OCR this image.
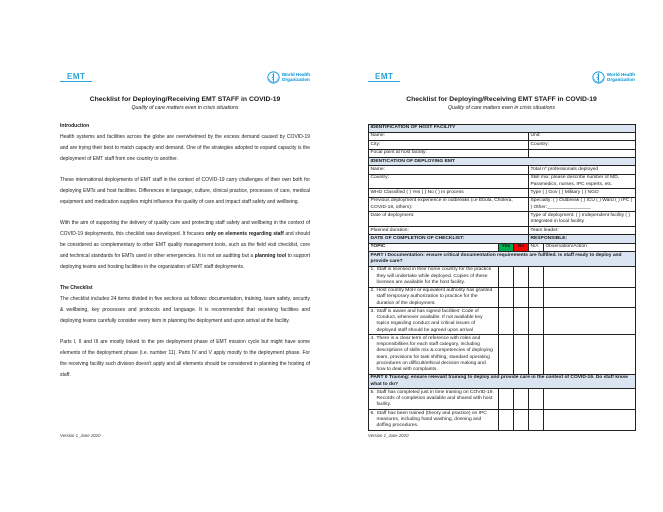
EMT	World Health
Organization
Checklist for Deploying/Receiving EMT STAFF in COVID-19
Quality of care matters even in crisis situations
Introduction

Health systems and facilities across the globe are overwhelmed by the excess demand caused by COVID-19 and are trying their best to match capacity and demand. One of the strategies adopted to expand capacity is the deployment of EMT staff from one country to another.

These international deployments of EMT staff in the context of COVID-19 carry challenges of their own both for deploying EMTs and host facilities. Differences in language, culture, clinical practice, processes of care, medical equipment and medication supplies might influence the quality of care and impact staff safety and wellbeing.

With the aim of supporting the delivery of quality care and protecting staff safety and wellbeing in the context of COVID-19 deployments, this checklist was developed. It focuses only on elements regarding staff and should be considered as complementary to other EMT quality management tools, such as the field visit checklist, core and technical standards for EMTs used in other emergencies. It is not an auditing but a planning tool to support deploying teams and hosting facilities in the organization of EMT staff deployments.

The Checklist

The checklist includes 24 items divided in five sections as follows: documentation, training, team safety, security & wellbeing, key processes and protocols and language. It is recommended that receiving facilities and deploying teams carefully consider every item in planning the deployment and upon arrival at the facility.

Parts I, II and III are mostly linked to the pre deployment phase of EMT mission cycle but might have some elements of the deployment phase (i.e. number 11). Parts IV and V apply mostly to the deployment phase. For the receiving facility such division doesn't apply and all elements should be considered in planning the hosting of staff.

Version 1_June 2020
EMT	World Health
Organization
Checklist for Deploying/Receiving EMT STAFF in COVID-19
Quality of care matters even in crisis situations
IDENTIFICATION OF HOST FACILITY				
Name:			Unit:	
City:			Country:	
Focal point at host facility:				
IDENTICATION OF DEPLOYING EMT				
Name:			Total nº professionals deployed	
Country:			Skill mix: please describe number of MD, Paramedics, nurses, IPC experts, etc.	
WHO Classified ( ) Yes ( ) No ( ) In process			Type ( ) Gov ( ) Military ( ) NGO	
Previous deployment experience in outbreaks (i.e Ebola, Cholera, COVID-19, others):			Specialty: ( ) Outbreak ( ) ICU ( ) Ward ( ) IPC ( ) Other:________________	
Date of deployment:			Type of deployment: ( ) Independent facility ( ) Integrated in local facility	
Planned duration:			Team leader:	
DATE OF COMPLETION OF CHECKLIST:			RESPONSIBLE:	
TOPIC	Yes	No	N/A	Observation/Action
PART I Documentation: ensure critical documentation requirements are fulfilled. Is staff ready to deploy and provide care?				
1. Staff is licensed in their home country for the practice they will undertake while deployed. Copies of these licenses are available for the host facility.				
2. Host country MoH or equivalent authority has granted staff temporary authorization to practice for the duration of the deployment.				
3. Staff is aware and has signed facilities' Code of Conduct, whenever available. If not available key topics regarding conduct and critical issues of deployed staff should be agreed upon arrival				
4. There is a clear term of reference with roles and responsibilities for each staff category, including descriptions of skills mix & competencies of deploying team, provisions for task shifting, standard operating procedures on difficult/ethical decision making and how to deal with complaints.				
PART II Training: ensure relevant training to deploy and provide care in the context of COVID-19. Do staff know what to do?				
5. Staff has completed just in time training on COVID-19. Records of completion available and shared with host facility.				
6. Staff has been trained (theory and practice) on IPC measures, including hand washing, donning and doffing procedures.				
Version 1_June 2020
